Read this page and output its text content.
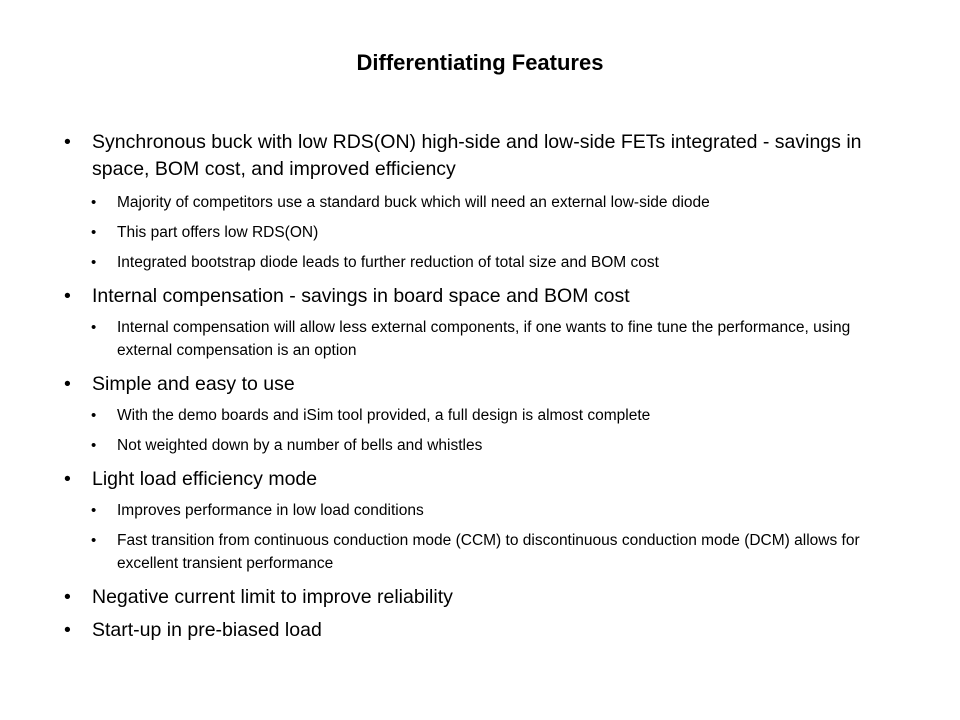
Differentiating Features
• Synchronous buck with low RDS(ON) high-side and low-side FETs integrated - savings in space, BOM cost, and improved efficiency
• Majority of competitors use a standard buck which will need an external low-side diode
• This part offers low RDS(ON)
• Integrated bootstrap diode leads to further reduction of total size and BOM cost
• Internal compensation - savings in board space and BOM cost
• Internal compensation will allow less external components, if one wants to fine tune the performance, using external compensation is an option
• Simple and easy to use
• With the demo boards and iSim tool provided, a full design is almost complete
• Not weighted down by a number of bells and whistles
• Light load efficiency mode
• Improves performance in low load conditions
• Fast transition from continuous conduction mode (CCM) to discontinuous conduction mode (DCM) allows for excellent transient performance
• Negative current limit to improve reliability
• Start-up in pre-biased load
